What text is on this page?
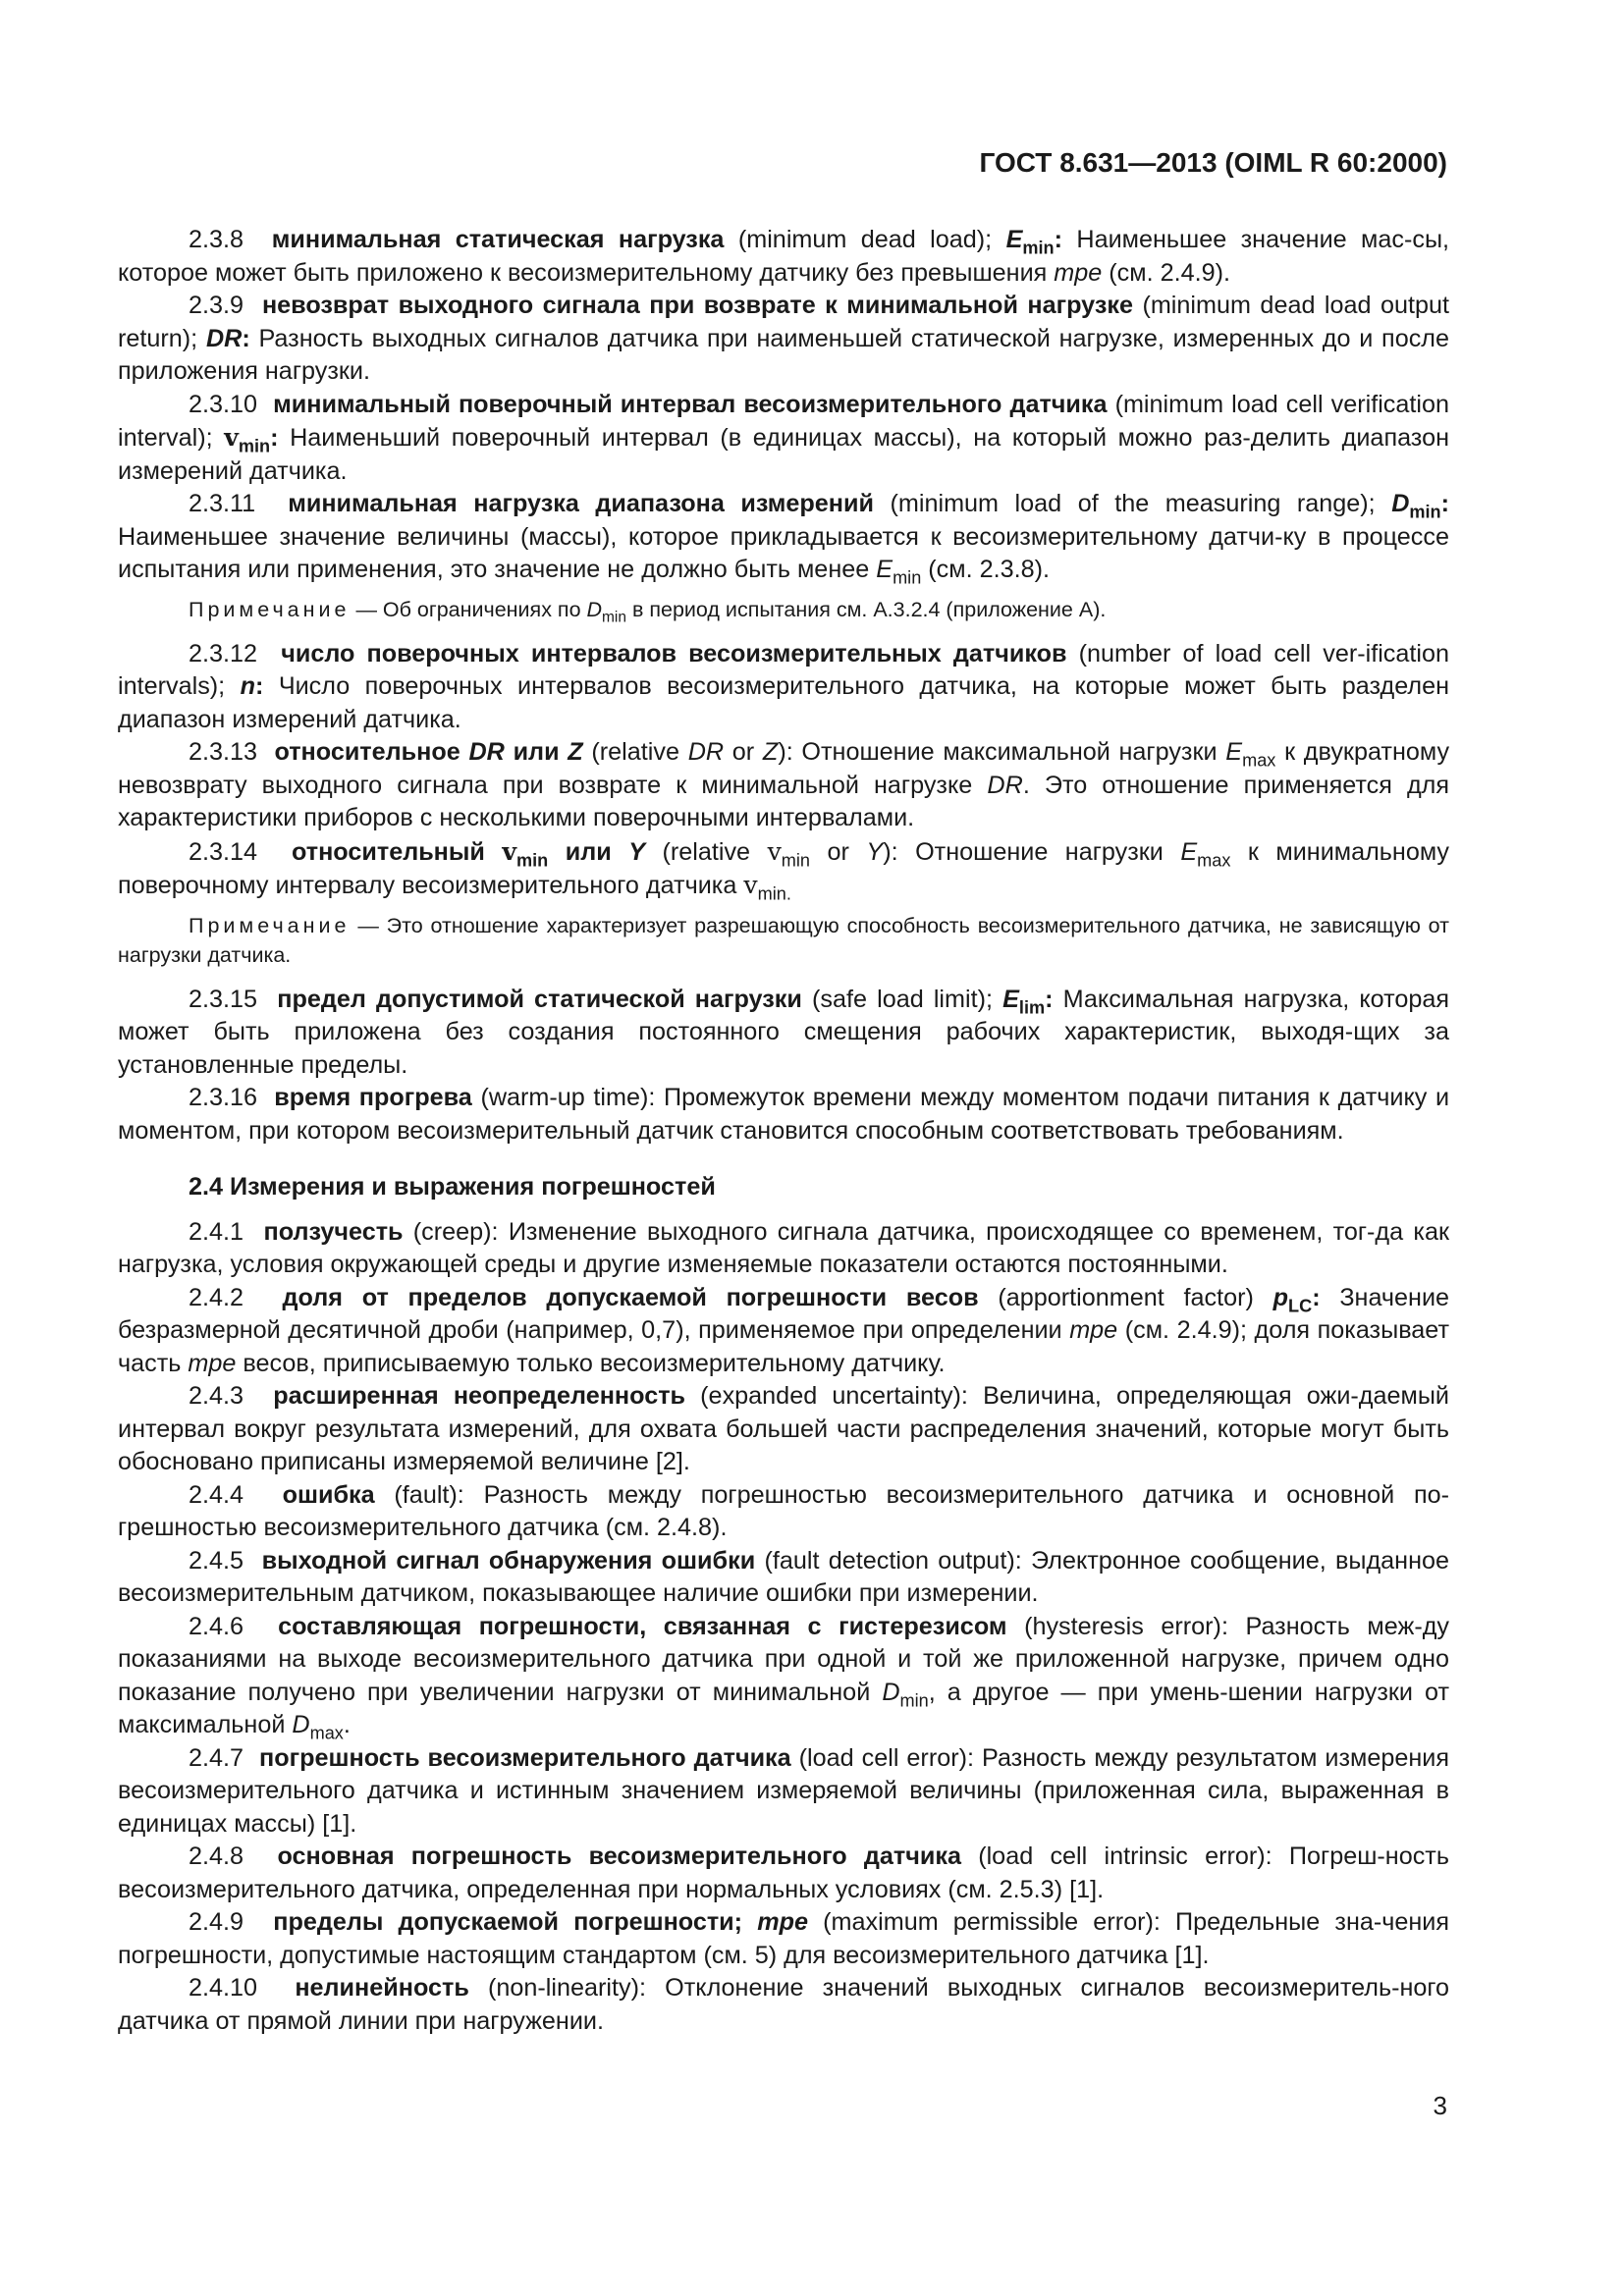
ГОСТ 8.631—2013 (OIML R 60:2000)

2.3.8 минимальная статическая нагрузка (minimum dead load); $E_{min}$: Наименьшее значение мас-сы, которое может быть приложено к весоизмерительному датчику без превышения mpe (см. 2.4.9).

2.3.9 невозврат выходного сигнала при возврате к минимальной нагрузке (minimum dead load output return); DR: Разность выходных сигналов датчика при наименьшей статической нагрузке, измеренных до и после приложения нагрузки.

2.3.10 минимальный поверочный интервал весоизмерительного датчика (minimum load cell verification interval); $v_{min}$: Наименьший поверочный интервал (в единицах массы), на который можно раз-делить диапазон измерений датчика.

2.3.11 минимальная нагрузка диапазона измерений (minimum load of the measuring range); $D_{min}$: Наименьшее значение величины (массы), которое прикладывается к весоизмерительному датчи-ку в процессе испытания или применения, это значение не должно быть менее $E_{min}$ (см. 2.3.8).

Примечание — Об ограничениях по $D_{min}$ в период испытания см. А.3.2.4 (приложение А).

2.3.12 число поверочных интервалов весоизмерительных датчиков (number of load cell ver-ification intervals); n: Число поверочных интервалов весоизмерительного датчика, на которые может быть разделен диапазон измерений датчика.

2.3.13 относительное DR или Z (relative DR or Z): Отношение максимальной нагрузки $E_{max}$ к двукратному невозврату выходного сигнала при возврате к минимальной нагрузке DR. Это отношение применяется для характеристики приборов с несколькими поверочными интервалами.

2.3.14 относительный $v_{min}$ или Y (relative $v_{min}$ or Y): Отношение нагрузки $E_{max}$ к минимальному поверочному интервалу весоизмерительного датчика $v_{min.}$

Примечание — Это отношение характеризует разрешающую способность весоизмерительного датчика, не зависящую от нагрузки датчика.

2.3.15 предел допустимой статической нагрузки (safe load limit); $E_{lim}$: Максимальная нагрузка, которая может быть приложена без создания постоянного смещения рабочих характеристик, выходя-щих за установленные пределы.

2.3.16 время прогрева (warm-up time): Промежуток времени между моментом подачи питания к датчику и моментом, при котором весоизмерительный датчик становится способным соответствовать требованиям.

2.4 Измерения и выражения погрешностей

2.4.1 ползучесть (creep): Изменение выходного сигнала датчика, происходящее со временем, тог-да как нагрузка, условия окружающей среды и другие изменяемые показатели остаются постоянными.

2.4.2 доля от пределов допускаемой погрешности весов (apportionment factor) $p_{LC}$: Значение безразмерной десятичной дроби (например, 0,7), применяемое при определении mpe (см. 2.4.9); доля показывает часть mpe весов, приписываемую только весоизмерительному датчику.

2.4.3 расширенная неопределенность (expanded uncertainty): Величина, определяющая ожи-даемый интервал вокруг результата измерений, для охвата большей части распределения значений, которые могут быть обосновано приписаны измеряемой величине [2].

2.4.4 ошибка (fault): Разность между погрешностью весоизмерительного датчика и основной по-грешностью весоизмерительного датчика (см. 2.4.8).

2.4.5 выходной сигнал обнаружения ошибки (fault detection output): Электронное сообщение, выданное весоизмерительным датчиком, показывающее наличие ошибки при измерении.

2.4.6 составляющая погрешности, связанная с гистерезисом (hysteresis error): Разность меж-ду показаниями на выходе весоизмерительного датчика при одной и той же приложенной нагрузке, причем одно показание получено при увеличении нагрузки от минимальной $D_{min}$, а другое — при умень-шении нагрузки от максимальной $D_{max}$.

2.4.7 погрешность весоизмерительного датчика (load cell error): Разность между результатом измерения весоизмерительного датчика и истинным значением измеряемой величины (приложенная сила, выраженная в единицах массы) [1].

2.4.8 основная погрешность весоизмерительного датчика (load cell intrinsic error): Погреш-ность весоизмерительного датчика, определенная при нормальных условиях (см. 2.5.3) [1].

2.4.9 пределы допускаемой погрешности; mpe (maximum permissible error): Предельные зна-чения погрешности, допустимые настоящим стандартом (см. 5) для весоизмерительного датчика [1].

2.4.10 нелинейность (non-linearity): Отклонение значений выходных сигналов весоизмеритель-ного датчика от прямой линии при нагружении.

3
